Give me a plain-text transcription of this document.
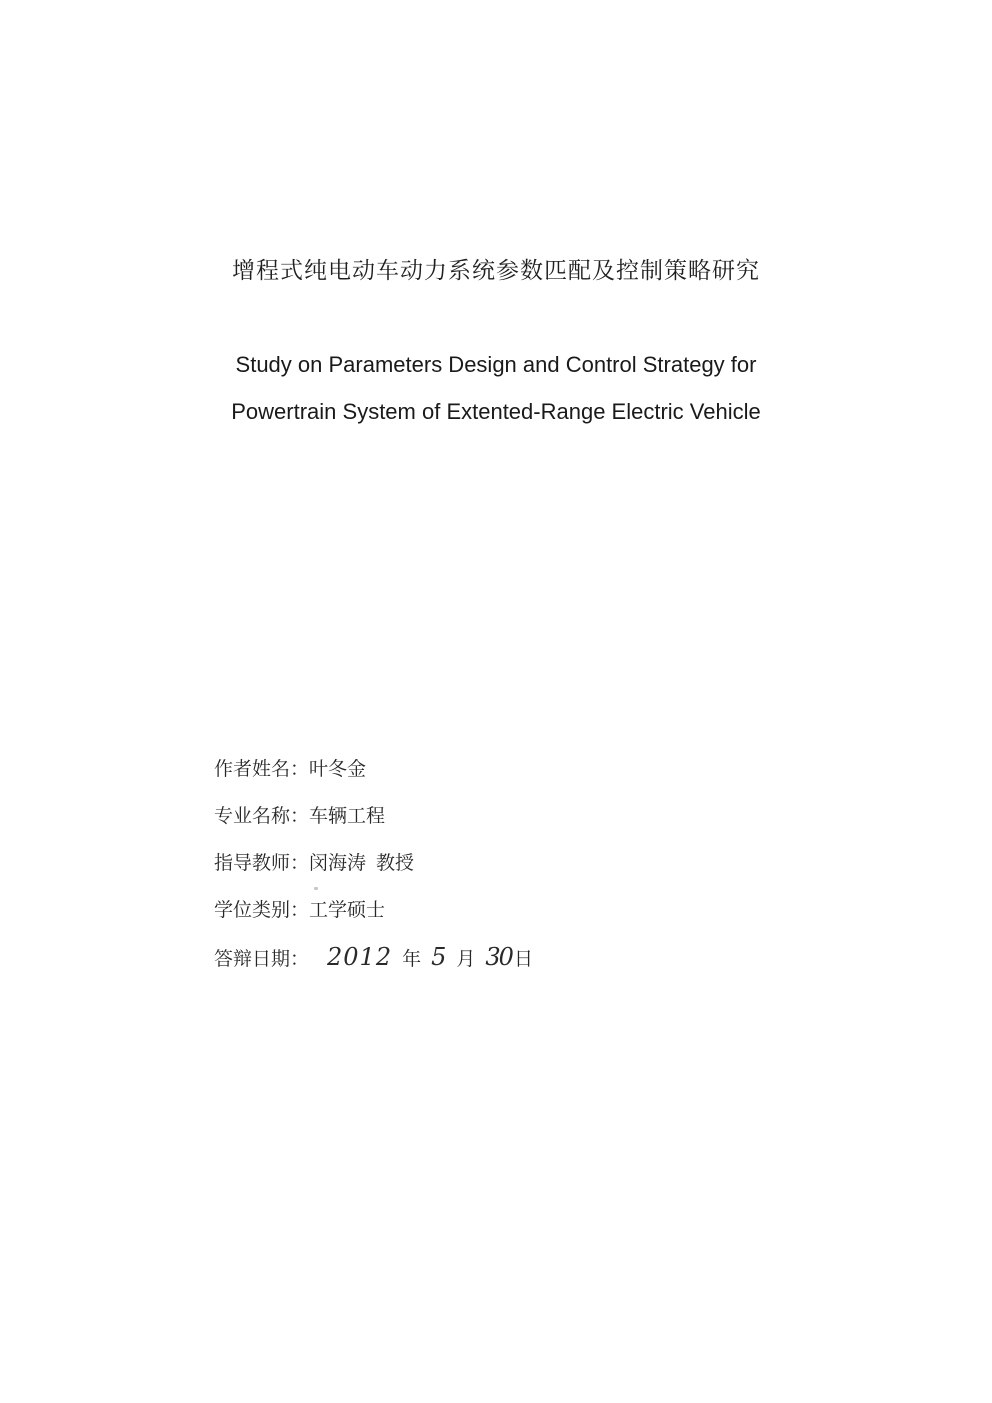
增程式纯电动车动力系统参数匹配及控制策略研究
Study on Parameters Design and Control Strategy for
Powertrain System of Extented-Range Electric Vehicle
作者姓名：叶冬金
专业名称：车辆工程
指导教师：闵海涛 教授
学位类别：工学硕士
答辩日期： 2012 年 5 月 30 日
